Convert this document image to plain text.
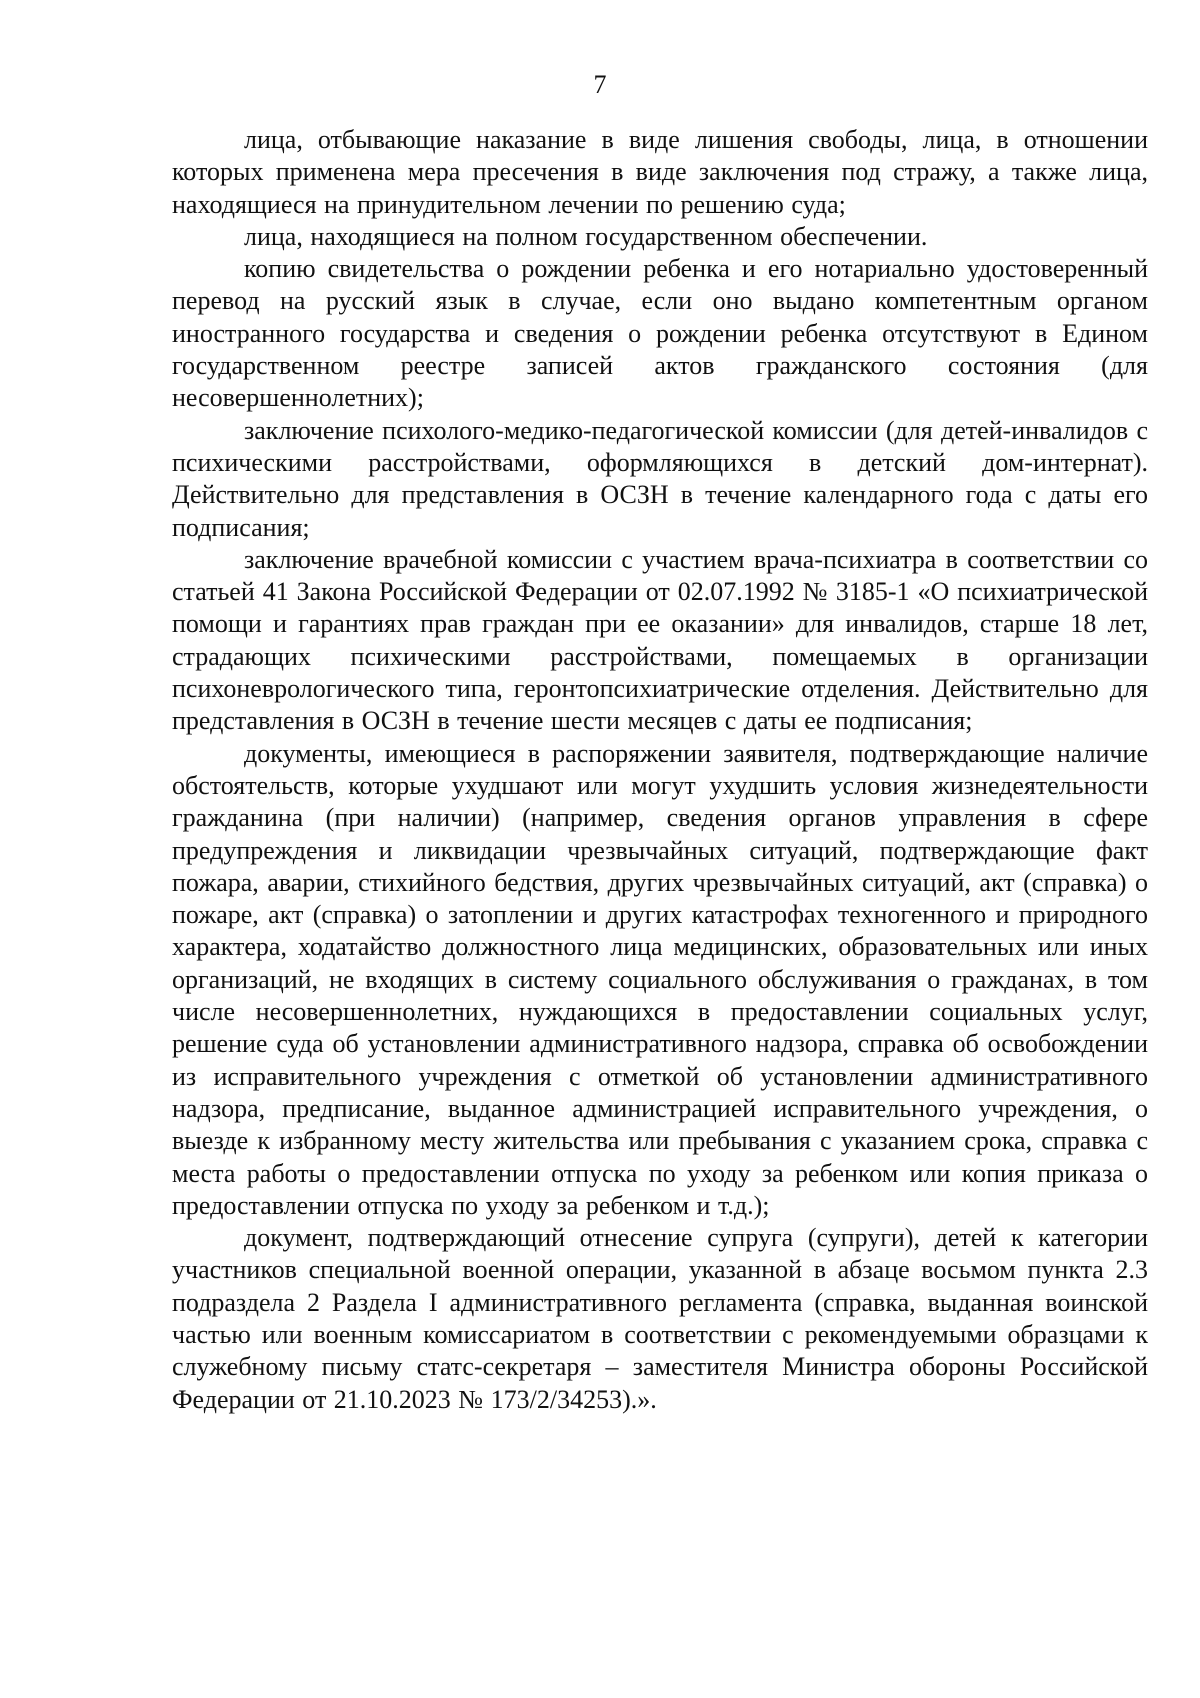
7

лица, отбывающие наказание в виде лишения свободы, лица, в отношении которых применена мера пресечения в виде заключения под стражу, а также лица, находящиеся на принудительном лечении по решению суда;

лица, находящиеся на полном государственном обеспечении.

копию свидетельства о рождении ребенка и его нотариально удостоверенный перевод на русский язык в случае, если оно выдано компетентным органом иностранного государства и сведения о рождении ребенка отсутствуют в Едином государственном реестре записей актов гражданского состояния (для несовершеннолетних);

заключение психолого-медико-педагогической комиссии (для детей-инвалидов с психическими расстройствами, оформляющихся в детский дом-интернат). Действительно для представления в ОСЗН в течение календарного года с даты его подписания;

заключение врачебной комиссии с участием врача-психиатра в соответствии со статьей 41 Закона Российской Федерации от 02.07.1992 № 3185-1 «О психиатрической помощи и гарантиях прав граждан при ее оказании» для инвалидов, старше 18 лет, страдающих психическими расстройствами, помещаемых в организации психоневрологического типа, геронтопсихиатрические отделения. Действительно для представления в ОСЗН в течение шести месяцев с даты ее подписания;

документы, имеющиеся в распоряжении заявителя, подтверждающие наличие обстоятельств, которые ухудшают или могут ухудшить условия жизнедеятельности гражданина (при наличии) (например, сведения органов управления в сфере предупреждения и ликвидации чрезвычайных ситуаций, подтверждающие факт пожара, аварии, стихийного бедствия, других чрезвычайных ситуаций, акт (справка) о пожаре, акт (справка) о затоплении и других катастрофах техногенного и природного характера, ходатайство должностного лица медицинских, образовательных или иных организаций, не входящих в систему социального обслуживания о гражданах, в том числе несовершеннолетних, нуждающихся в предоставлении социальных услуг, решение суда об установлении административного надзора, справка об освобождении из исправительного учреждения с отметкой об установлении административного надзора, предписание, выданное администрацией исправительного учреждения, о выезде к избранному месту жительства или пребывания с указанием срока, справка с места работы о предоставлении отпуска по уходу за ребенком или копия приказа о предоставлении отпуска по уходу за ребенком и т.д.);

документ, подтверждающий отнесение супруга (супруги), детей к категории участников специальной военной операции, указанной в абзаце восьмом пункта 2.3 подраздела 2 Раздела I административного регламента (справка, выданная воинской частью или военным комиссариатом в соответствии с рекомендуемыми образцами к служебному письму статс-секретаря – заместителя Министра обороны Российской Федерации от 21.10.2023 № 173/2/34253).».
